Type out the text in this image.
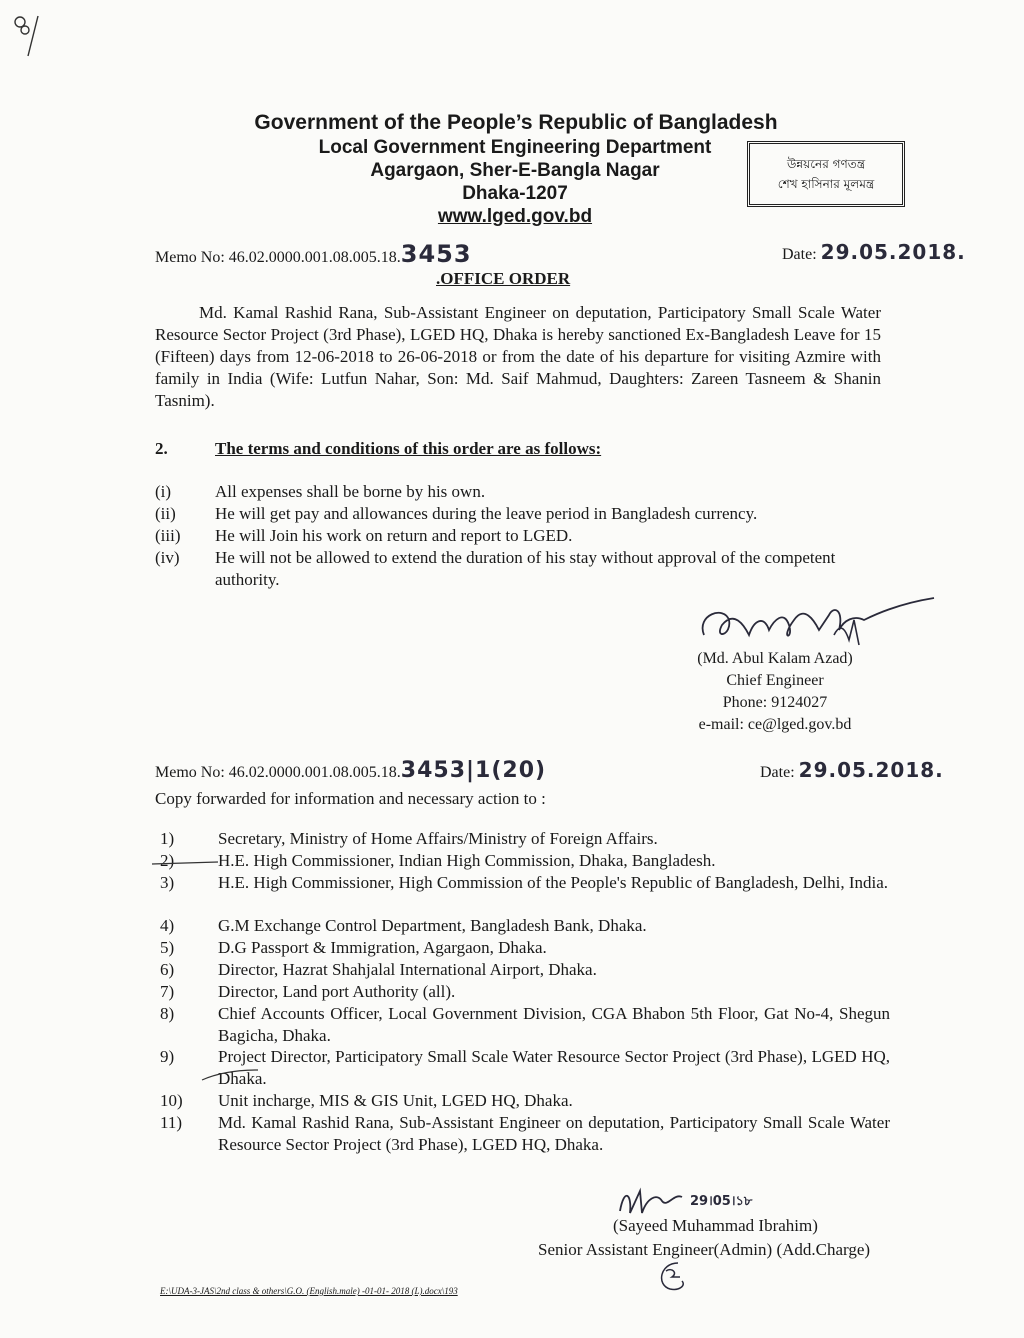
Government of the People’s Republic of Bangladesh
Local Government Engineering Department
Agargaon, Sher-E-Bangla Nagar
Dhaka-1207
www.lged.gov.bd
উন্নয়নের গণতন্ত্র
শেখ হাসিনার মূলমন্ত্র
Memo No: 46.02.0000.001.08.005.18.3453	Date: 29.05.2018.
.OFFICE ORDER
Md. Kamal Rashid Rana, Sub-Assistant Engineer on deputation, Participatory Small Scale Water Resource Sector Project (3rd Phase), LGED HQ, Dhaka is hereby sanctioned Ex-Bangladesh Leave for 15 (Fifteen) days from 12-06-2018 to 26-06-2018 or from the date of his departure for visiting Azmire with family in India (Wife: Lutfun Nahar, Son: Md. Saif Mahmud, Daughters: Zareen Tasneem & Shanin Tasnim).
2.	The terms and conditions of this order are as follows:
(i)	All expenses shall be borne by his own.
(ii)	He will get pay and allowances during the leave period in Bangladesh currency.
(iii)	He will Join his work on return and report to LGED.
(iv)	He will not be allowed to extend the duration of his stay without approval of the competent authority.
(Md. Abul Kalam Azad)
Chief Engineer
Phone: 9124027
e-mail: ce@lged.gov.bd
Memo No: 46.02.0000.001.08.005.18.3453|1(20)	Date: 29.05.2018.
Copy forwarded for information and necessary action to :
1)	Secretary, Ministry of Home Affairs/Ministry of Foreign Affairs.
2)	H.E. High Commissioner, Indian High Commission, Dhaka, Bangladesh.
3)	H.E. High Commissioner, High Commission of the People's Republic of Bangladesh, Delhi, India.
4)	G.M Exchange Control Department, Bangladesh Bank, Dhaka.
5)	D.G Passport & Immigration, Agargaon, Dhaka.
6)	Director, Hazrat Shahjalal International Airport, Dhaka.
7)	Director, Land port Authority (all).
8)	Chief Accounts Officer, Local Government Division, CGA Bhabon 5th Floor, Gat No-4, Shegun Bagicha, Dhaka.
9)	Project Director, Participatory Small Scale Water Resource Sector Project (3rd Phase), LGED HQ, Dhaka.
10)	Unit incharge, MIS & GIS Unit, LGED HQ, Dhaka.
11)	Md. Kamal Rashid Rana, Sub-Assistant Engineer on deputation, Participatory Small Scale Water Resource Sector Project (3rd Phase), LGED HQ, Dhaka.
29।05।১৮
(Sayeed Muhammad Ibrahim)
Senior Assistant Engineer(Admin) (Add.Charge)
E:\UDA-3-JAS\2nd class & others\G.O. (English.male) -01-01- 2018 (L).docx\193
